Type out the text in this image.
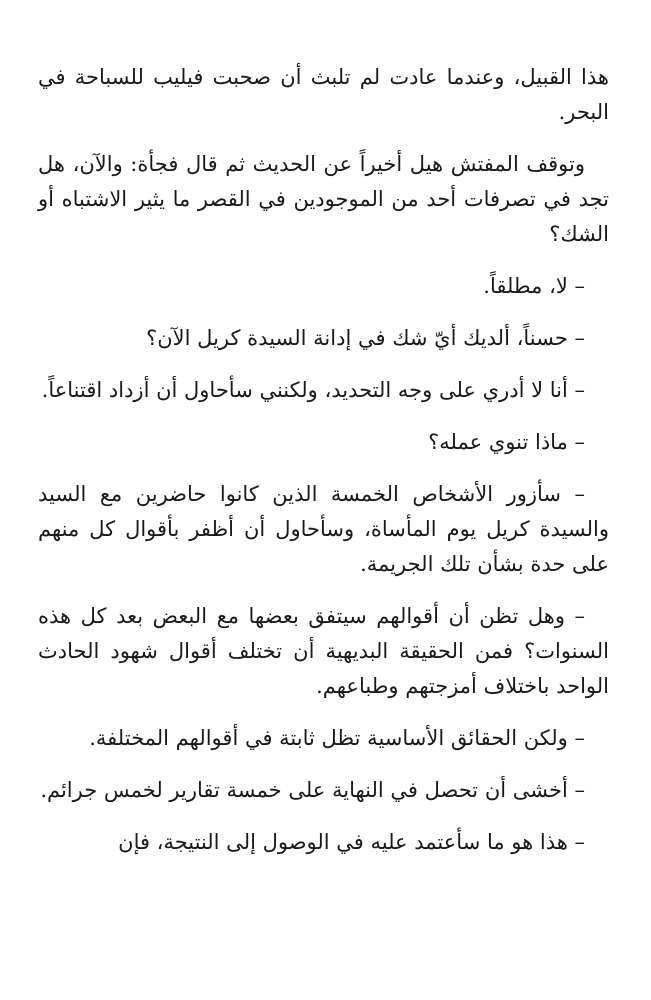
هذا القبيل، وعندما عادت لم تلبث أن صحبت فيليب للسباحة في البحر.

وتوقف المفتش هيل أخيراً عن الحديث ثم قال فجأة: والآن، هل تجد في تصرفات أحد من الموجودين في القصر ما يثير الاشتباه أو الشك؟

– لا، مطلقاً.

– حسناً، ألديك أيّ شك في إدانة السيدة كريل الآن؟

– أنا لا أدري على وجه التحديد، ولكنني سأحاول أن أزداد اقتناعاً.

– ماذا تنوي عمله؟

– سأزور الأشخاص الخمسة الذين كانوا حاضرين مع السيد والسيدة كريل يوم المأساة، وسأحاول أن أظفر بأقوال كل منهم على حدة بشأن تلك الجريمة.

– وهل تظن أن أقوالهم سيتفق بعضها مع البعض بعد كل هذه السنوات؟ فمن الحقيقة البديهية أن تختلف أقوال شهود الحادث الواحد باختلاف أمزجتهم وطباعهم.

– ولكن الحقائق الأساسية تظل ثابتة في أقوالهم المختلفة.

– أخشى أن تحصل في النهاية على خمسة تقارير لخمس جرائم.

– هذا هو ما سأعتمد عليه في الوصول إلى النتيجة، فإن
